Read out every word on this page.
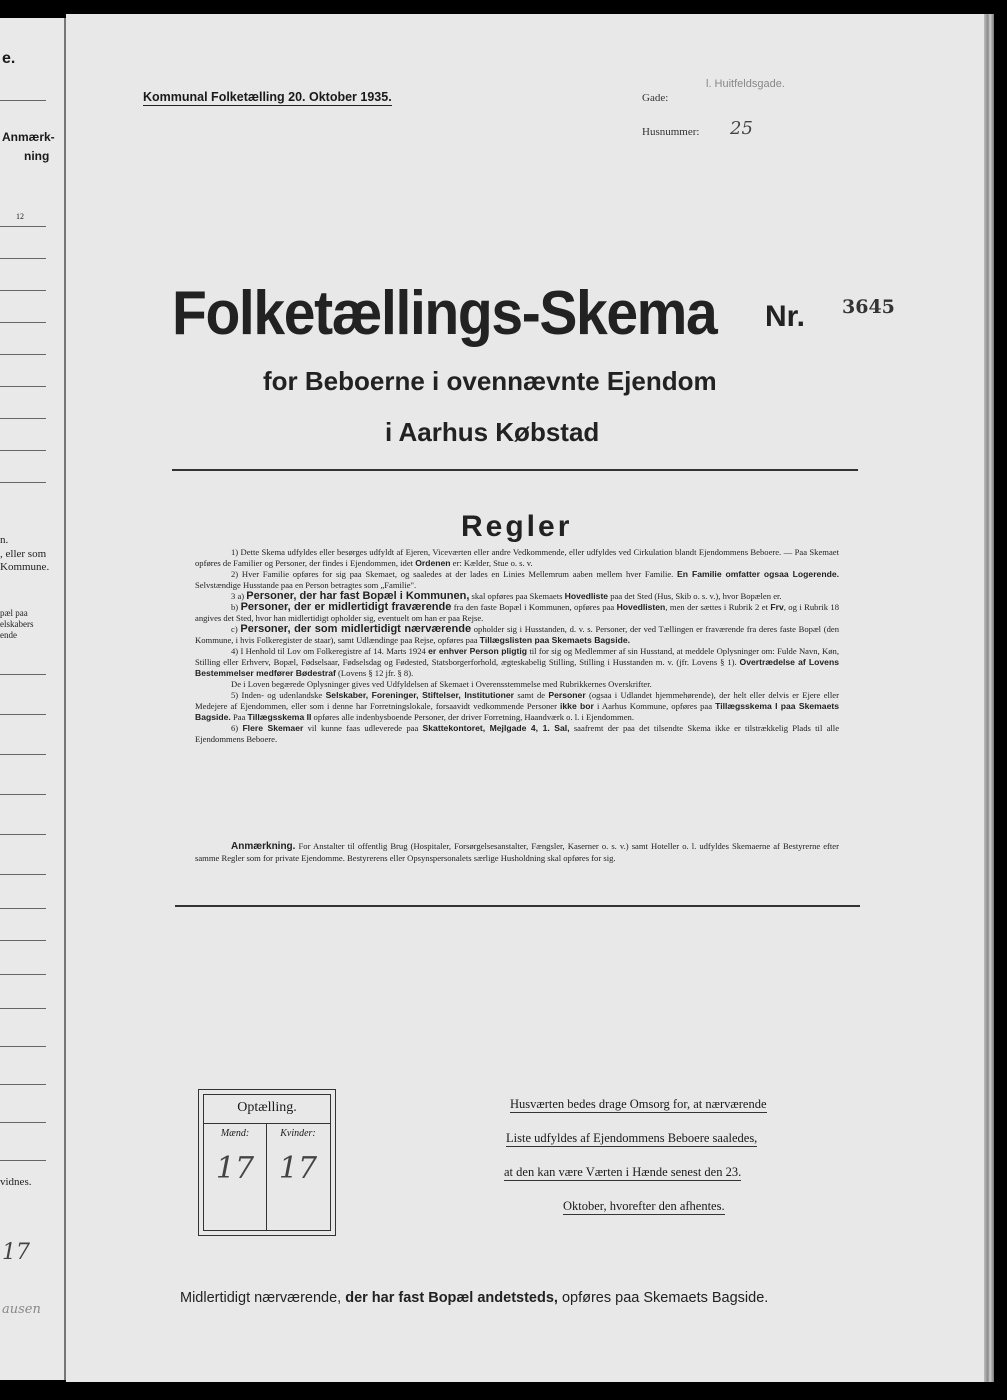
e.
Anmærk-
ning
12
n.
, eller som
Kommune.
pæl paa
elskabers
ende
vidnes.
17
ausen
Kommunal Folketælling 20. Oktober 1935.	Gade:
l. Huitfeldsgade.
Husnummer: 25
Folketællings-Skema Nr. 3645
for Beboerne i ovennævnte Ejendom
i Aarhus Købstad
Regler

1) Dette Skema udfyldes eller besørges udfyldt af Ejeren, Viceværten eller andre Vedkommende, eller udfyldes ved Cirkulation blandt Ejendommens Beboere. — Paa Skemaet opføres de Familier og Personer, der findes i Ejendommen, idet Ordenen er: Kælder, Stue o. s. v.

2) Hver Familie opføres for sig paa Skemaet, og saaledes at der lades en Linies Mellemrum aaben mellem hver Familie. En Familie omfatter ogsaa Logerende. Selvstændige Husstande paa en Person betragtes som „Familie".

3 a) Personer, der har fast Bopæl i Kommunen, skal opføres paa Skemaets Hovedliste paa det Sted (Hus, Skib o. s. v.), hvor Bopælen er.

b) Personer, der er midlertidigt fraværende fra den faste Bopæl i Kommunen, opføres paa Hovedlisten, men der sættes i Rubrik 2 et Frv, og i Rubrik 18 angives det Sted, hvor han midlertidigt opholder sig, eventuelt om han er paa Rejse.

c) Personer, der som midlertidigt nærværende opholder sig i Husstanden, d. v. s. Personer, der ved Tællingen er fraværende fra deres faste Bopæl (den Kommune, i hvis Folkeregister de staar), samt Udlændinge paa Rejse, opføres paa Tillægslisten paa Skemaets Bagside.

4) I Henhold til Lov om Folkeregistre af 14. Marts 1924 er enhver Person pligtig til for sig og Medlemmer af sin Husstand, at meddele Oplysninger om: Fulde Navn, Køn, Stilling eller Erhverv, Bopæl, Fødselsaar, Fødselsdag og Fødested, Statsborgerforhold, ægteskabelig Stilling, Stilling i Husstanden m. v. (jfr. Lovens § 1). Overtrædelse af Lovens Bestemmelser medfører Bødestraf (Lovens § 12 jfr. § 8).

De i Loven begærede Oplysninger gives ved Udfyldelsen af Skemaet i Overensstemmelse med Rubrikkernes Overskrifter.

5) Inden- og udenlandske Selskaber, Foreninger, Stiftelser, Institutioner samt de Personer (ogsaa i Udlandet hjemmehørende), der helt eller delvis er Ejere eller Medejere af Ejendommen, eller som i denne har Forretningslokale, forsaavidt vedkommende Personer ikke bor i Aarhus Kommune, opføres paa Tillægsskema I paa Skemaets Bagside. Paa Tillægsskema II opføres alle indenbysboende Personer, der driver Forretning, Haandværk o. l. i Ejendommen.

6) Flere Skemaer vil kunne faas udleverede paa Skattekontoret, Mejlgade 4, 1. Sal, saafremt der paa det tilsendte Skema ikke er tilstrækkelig Plads til alle Ejendommens Beboere.

Anmærkning. For Anstalter til offentlig Brug (Hospitaler, Forsørgelsesanstalter, Fængsler, Kaserner o. s. v.) samt Hoteller o. l. udfyldes Skemaerne af Bestyrerne efter samme Regler som for private Ejendomme. Bestyrerens eller Opsynspersonalets særlige Husholdning skal opføres for sig.
Optælling.
Mænd:	Kvinder:
17 17
Husværten bedes drage Omsorg for, at nærværende
Liste udfyldes af Ejendommens Beboere saaledes,
at den kan være Værten i Hænde senest den 23.
Oktober, hvorefter den afhentes.
Midlertidigt nærværende, der har fast Bopæl andetsteds, opføres paa Skemaets Bagside.
